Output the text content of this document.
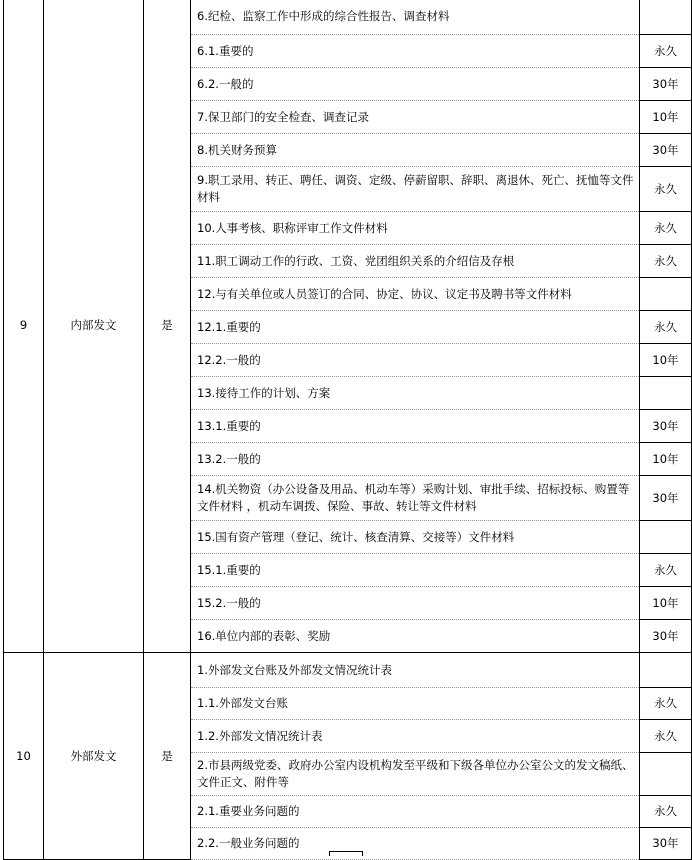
9	内部发文	是	6.纪检、监察工作中形成的综合性报告、调查材料	
			6.1.重要的	永久
			6.2.一般的	30年
			7.保卫部门的安全检查、调查记录	10年
			8.机关财务预算	30年
			9.职工录用、转正、聘任、调资、定级、停薪留职、辞职、离退休、死亡、抚恤等文件材料	永久
			10.人事考核、职称评审工作文件材料	永久
			11.职工调动工作的行政、工资、党团组织关系的介绍信及存根	永久
			12.与有关单位或人员签订的合同、协定、协议、议定书及聘书等文件材料	
			12.1.重要的	永久
			12.2.一般的	10年
			13.接待工作的计划、方案	
			13.1.重要的	30年
			13.2.一般的	10年
			14.机关物资（办公设备及用品、机动车等）采购计划、审批手续、招标投标、购置等文件材料 ，机动车调拨、保险、事故、转让等文件材料	30年
			15.国有资产管理（登记、统计、核查清算、交接等）文件材料	
			15.1.重要的	永久
			15.2.一般的	10年
			16.单位内部的表彰、奖励	30年
10	外部发文	是	1.外部发文台账及外部发文情况统计表	
			1.1.外部发文台账	永久
			1.2.外部发文情况统计表	永久
			2.市县两级党委、政府办公室内设机构发至平级和下级各单位办公室公文的发文稿纸、文件正文、附件等	
			2.1.重要业务问题的	永久
			2.2.一般业务问题的	30年
